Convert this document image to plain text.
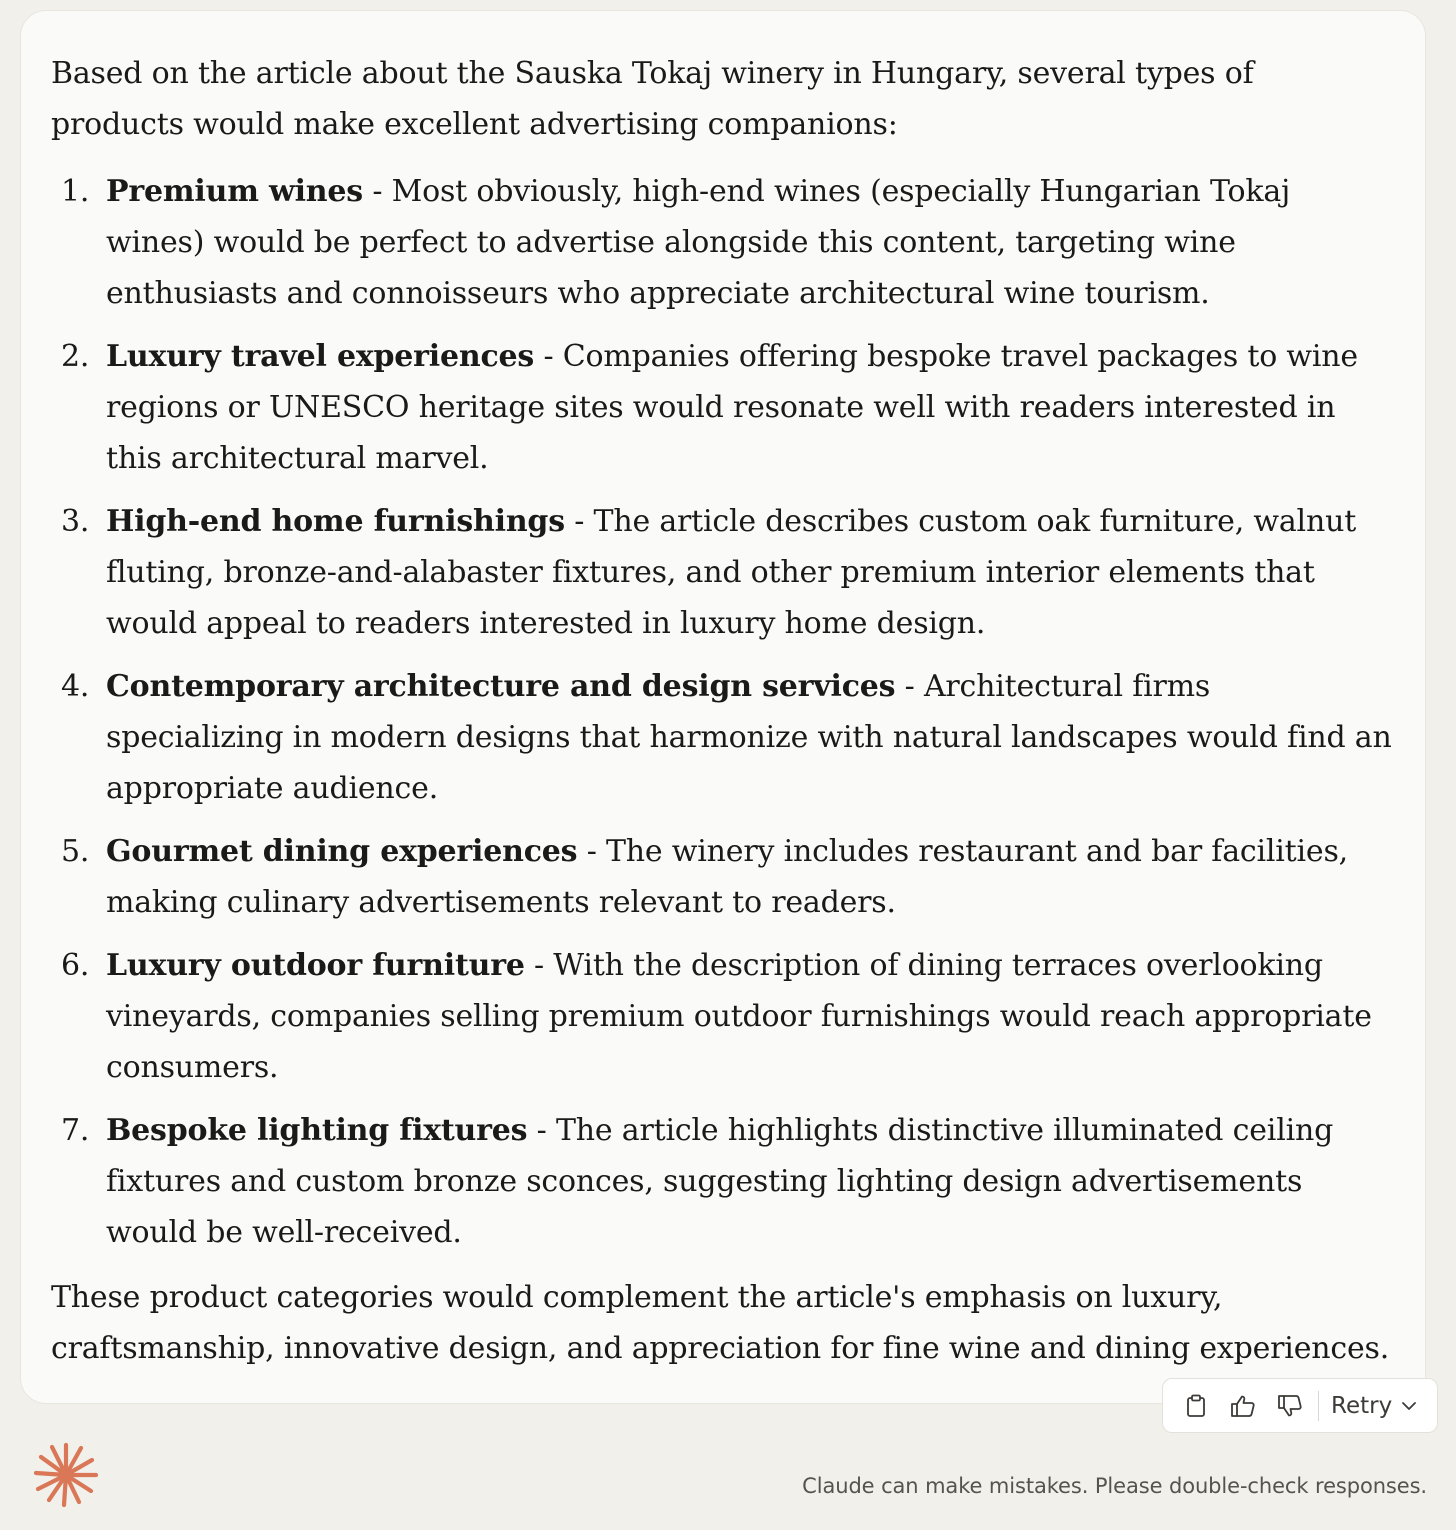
Based on the article about the Sauska Tokaj winery in Hungary, several types of products would make excellent advertising companions:

1. Premium wines - Most obviously, high-end wines (especially Hungarian Tokaj wines) would be perfect to advertise alongside this content, targeting wine enthusiasts and connoisseurs who appreciate architectural wine tourism.
2. Luxury travel experiences - Companies offering bespoke travel packages to wine regions or UNESCO heritage sites would resonate well with readers interested in this architectural marvel.
3. High-end home furnishings - The article describes custom oak furniture, walnut fluting, bronze-and-alabaster fixtures, and other premium interior elements that would appeal to readers interested in luxury home design.
4. Contemporary architecture and design services - Architectural firms specializing in modern designs that harmonize with natural landscapes would find an appropriate audience.
5. Gourmet dining experiences - The winery includes restaurant and bar facilities, making culinary advertisements relevant to readers.
6. Luxury outdoor furniture - With the description of dining terraces overlooking vineyards, companies selling premium outdoor furnishings would reach appropriate consumers.
7. Bespoke lighting fixtures - The article highlights distinctive illuminated ceiling fixtures and custom bronze sconces, suggesting lighting design advertisements would be well-received.

These product categories would complement the article's emphasis on luxury, craftsmanship, innovative design, and appreciation for fine wine and dining experiences.

Retry
Claude can make mistakes. Please double-check responses.
